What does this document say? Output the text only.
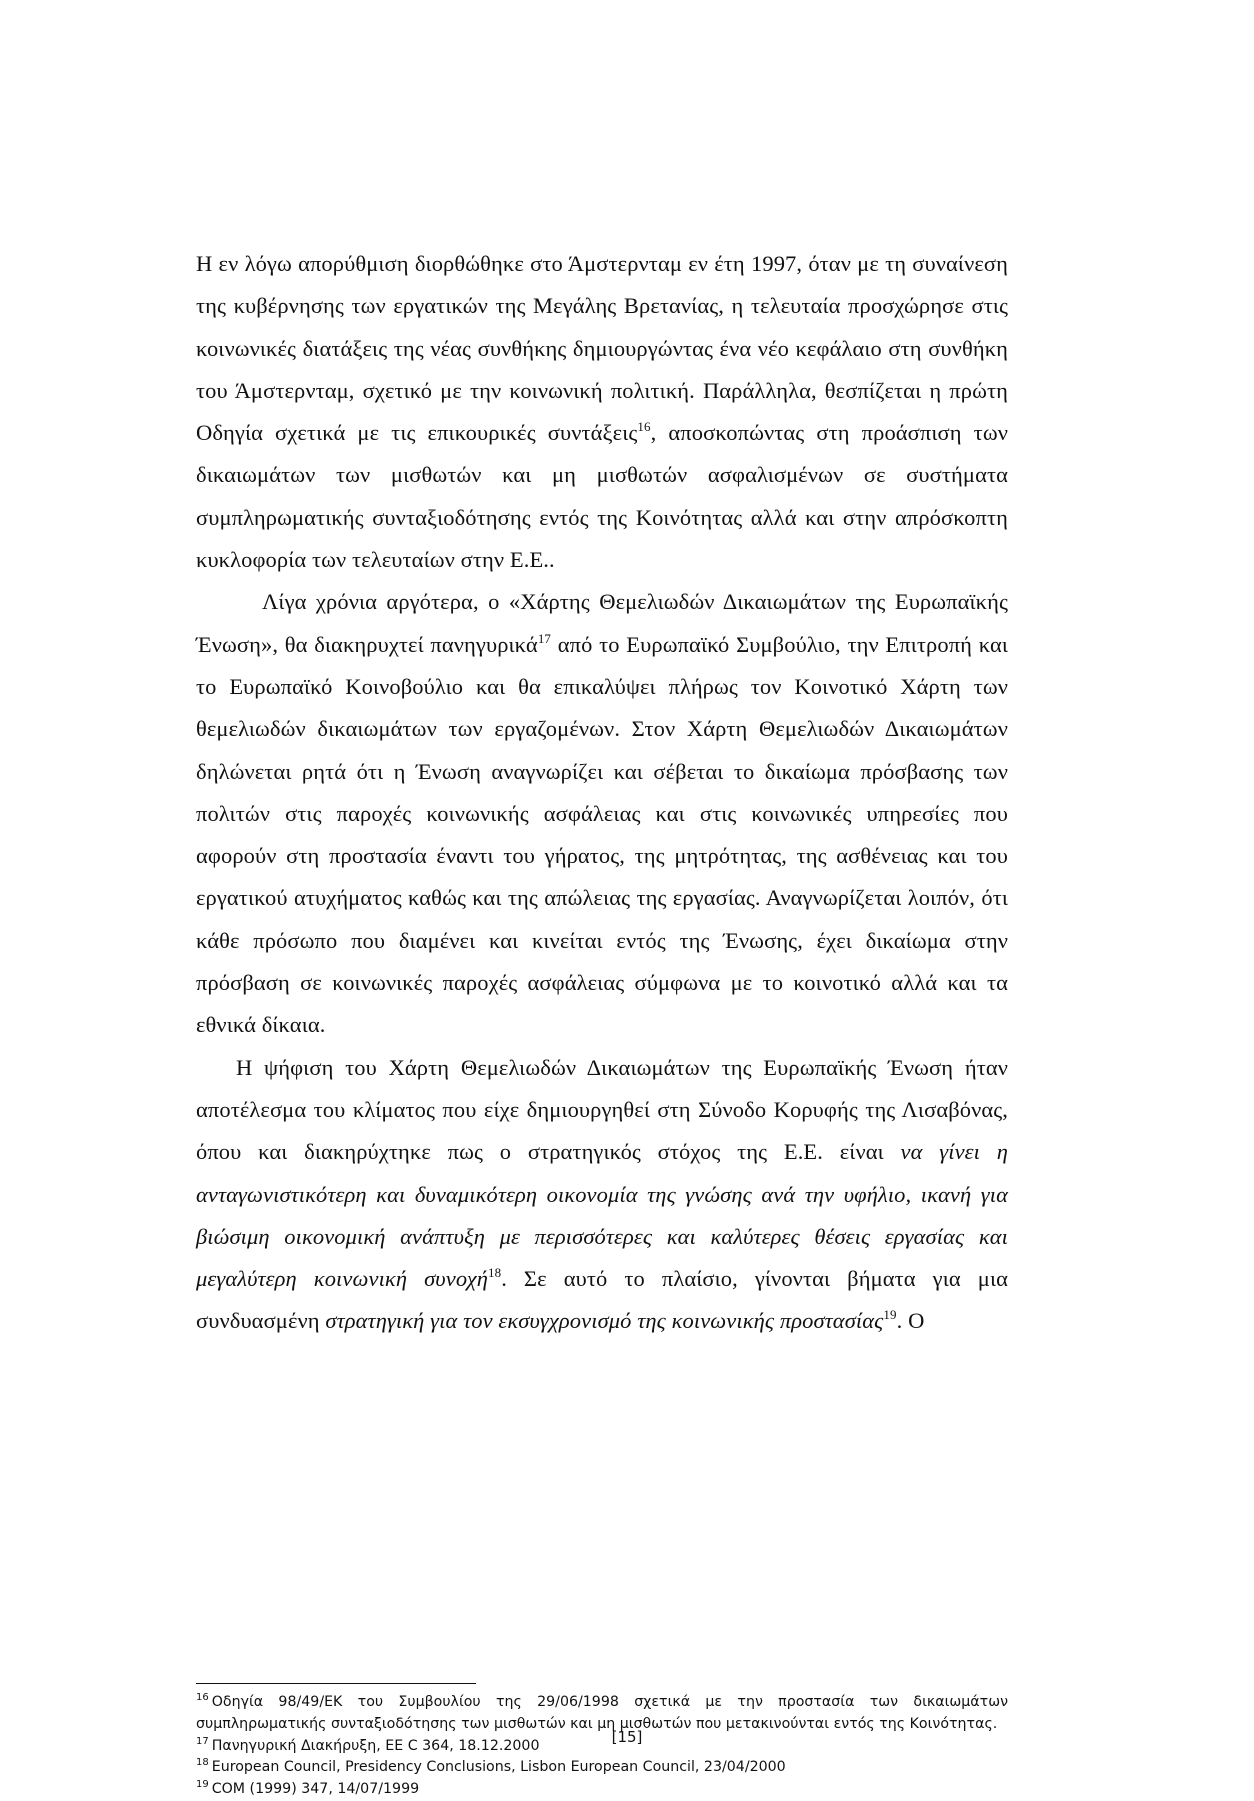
Η εν λόγω απορύθμιση διορθώθηκε στο Άμστερνταμ εν έτη 1997, όταν με τη συναίνεση της κυβέρνησης των εργατικών της Μεγάλης Βρετανίας, η τελευταία προσχώρησε στις κοινωνικές διατάξεις της νέας συνθήκης δημιουργώντας ένα νέο κεφάλαιο στη συνθήκη του Άμστερνταμ, σχετικό με την κοινωνική πολιτική. Παράλληλα, θεσπίζεται η πρώτη Οδηγία σχετικά με τις επικουρικές συντάξεις$^{16}$, αποσκοπώντας στη προάσπιση των δικαιωμάτων των μισθωτών και μη μισθωτών ασφαλισμένων σε συστήματα συμπληρωματικής συνταξιοδότησης εντός της Κοινότητας αλλά και στην απρόσκοπτη κυκλοφορία των τελευταίων στην Ε.Ε..

Λίγα χρόνια αργότερα, ο «Χάρτης Θεμελιωδών Δικαιωμάτων της Ευρωπαϊκής Ένωση», θα διακηρυχτεί πανηγυρικά$^{17}$ από το Ευρωπαϊκό Συμβούλιο, την Επιτροπή και το Ευρωπαϊκό Κοινοβούλιο και θα επικαλύψει πλήρως τον Κοινοτικό Χάρτη των θεμελιωδών δικαιωμάτων των εργαζομένων. Στον Χάρτη Θεμελιωδών Δικαιωμάτων δηλώνεται ρητά ότι η Ένωση αναγνωρίζει και σέβεται το δικαίωμα πρόσβασης των πολιτών στις παροχές κοινωνικής ασφάλειας και στις κοινωνικές υπηρεσίες που αφορούν στη προστασία έναντι του γήρατος, της μητρότητας, της ασθένειας και του εργατικού ατυχήματος καθώς και της απώλειας της εργασίας. Αναγνωρίζεται λοιπόν, ότι κάθε πρόσωπο που διαμένει και κινείται εντός της Ένωσης, έχει δικαίωμα στην πρόσβαση σε κοινωνικές παροχές ασφάλειας σύμφωνα με το κοινοτικό αλλά και τα εθνικά δίκαια.

Η ψήφιση του Χάρτη Θεμελιωδών Δικαιωμάτων της Ευρωπαϊκής Ένωση ήταν αποτέλεσμα του κλίματος που είχε δημιουργηθεί στη Σύνοδο Κορυφής της Λισαβόνας, όπου και διακηρύχτηκε πως ο στρατηγικός στόχος της Ε.Ε. είναι να γίνει η ανταγωνιστικότερη και δυναμικότερη οικονομία της γνώσης ανά την υφήλιο, ικανή για βιώσιμη οικονομική ανάπτυξη με περισσότερες και καλύτερες θέσεις εργασίας και μεγαλύτερη κοινωνική συνοχή$^{18}$. Σε αυτό το πλαίσιο, γίνονται βήματα για μια συνδυασμένη στρατηγική για τον εκσυγχρονισμό της κοινωνικής προστασίας$^{19}$. Ο

$^{16}$ Οδηγία 98/49/ΕΚ του Συμβουλίου της 29/06/1998 σχετικά με την προστασία των δικαιωμάτων συμπληρωματικής συνταξιοδότησης των μισθωτών και μη μισθωτών που μετακινούνται εντός της Κοινότητας.

$^{17}$ Πανηγυρική Διακήρυξη, ΕΕ C 364, 18.12.2000

$^{18}$ European Council, Presidency Conclusions, Lisbon European Council, 23/04/2000

$^{19}$ COM (1999) 347, 14/07/1999

[15]
